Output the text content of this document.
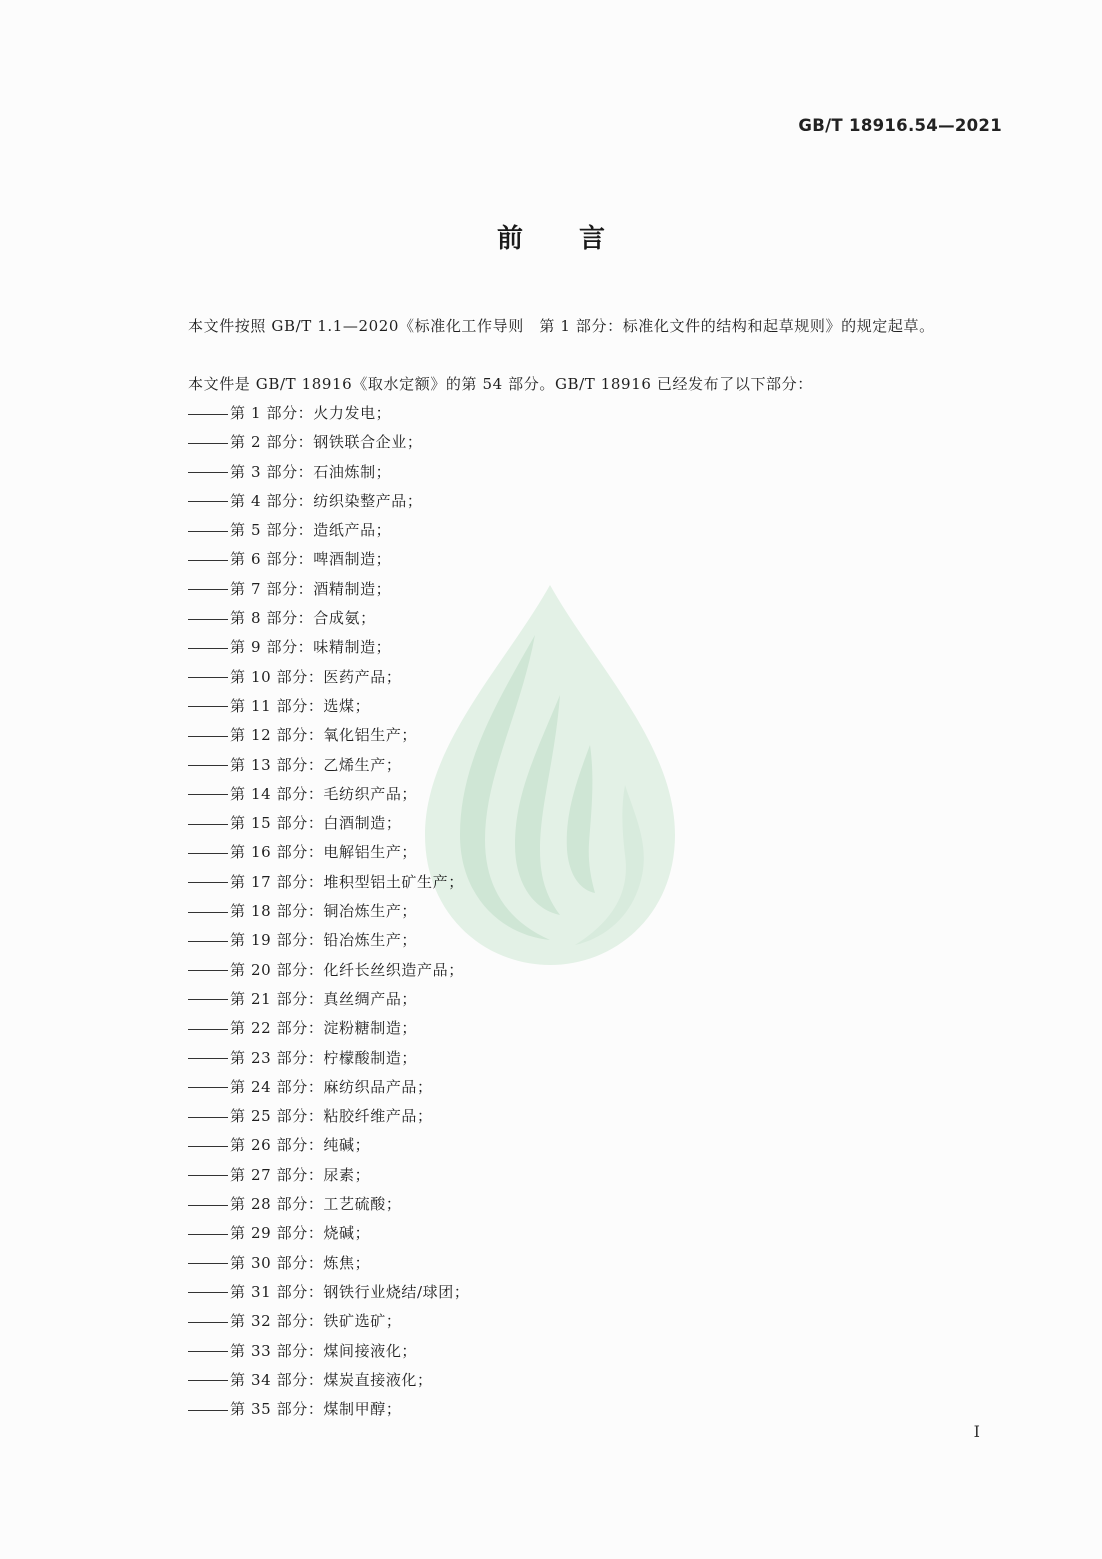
GB/T 18916.54—2021
前言
本文件按照 GB/T 1.1—2020《标准化工作导则　第 1 部分：标准化文件的结构和起草规则》的规定起草。
本文件是 GB/T 18916《取水定额》的第 54 部分。GB/T 18916 已经发布了以下部分：
第 1 部分：火力发电；
第 2 部分：钢铁联合企业；
第 3 部分：石油炼制；
第 4 部分：纺织染整产品；
第 5 部分：造纸产品；
第 6 部分：啤酒制造；
第 7 部分：酒精制造；
第 8 部分：合成氨；
第 9 部分：味精制造；
第 10 部分：医药产品；
第 11 部分：选煤；
第 12 部分：氧化铝生产；
第 13 部分：乙烯生产；
第 14 部分：毛纺织产品；
第 15 部分：白酒制造；
第 16 部分：电解铝生产；
第 17 部分：堆积型铝土矿生产；
第 18 部分：铜冶炼生产；
第 19 部分：铅冶炼生产；
第 20 部分：化纤长丝织造产品；
第 21 部分：真丝绸产品；
第 22 部分：淀粉糖制造；
第 23 部分：柠檬酸制造；
第 24 部分：麻纺织品产品；
第 25 部分：粘胶纤维产品；
第 26 部分：纯碱；
第 27 部分：尿素；
第 28 部分：工艺硫酸；
第 29 部分：烧碱；
第 30 部分：炼焦；
第 31 部分：钢铁行业烧结/球团；
第 32 部分：铁矿选矿；
第 33 部分：煤间接液化；
第 34 部分：煤炭直接液化；
第 35 部分：煤制甲醇；
I
